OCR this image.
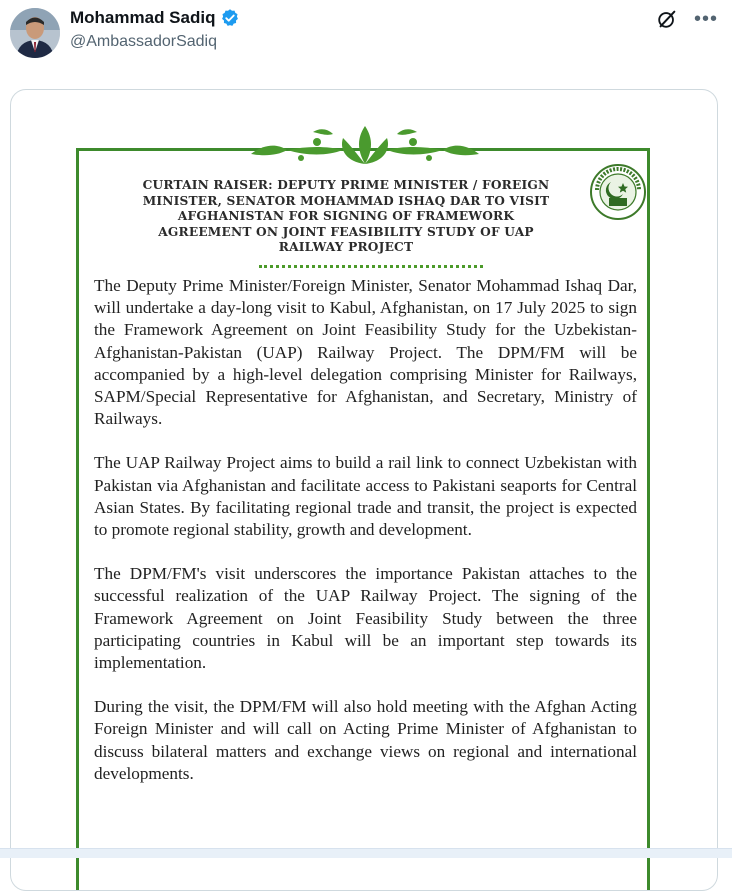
Mohammad Sadiq
@AmbassadorSadiq
•••
CURTAIN RAISER: DEPUTY PRIME MINISTER / FOREIGN MINISTER, SENATOR MOHAMMAD ISHAQ DAR TO VISIT AFGHANISTAN FOR SIGNING OF FRAMEWORK AGREEMENT ON JOINT FEASIBILITY STUDY OF UAP RAILWAY PROJECT

The Deputy Prime Minister/Foreign Minister, Senator Mohammad Ishaq Dar, will undertake a day-long visit to Kabul, Afghanistan, on 17 July 2025 to sign the Framework Agreement on Joint Feasibility Study for the Uzbekistan-Afghanistan-Pakistan (UAP) Railway Project. The DPM/FM will be accompanied by a high-level delegation comprising Minister for Railways, SAPM/Special Representative for Afghanistan, and Secretary, Ministry of Railways.

The UAP Railway Project aims to build a rail link to connect Uzbekistan with Pakistan via Afghanistan and facilitate access to Pakistani seaports for Central Asian States. By facilitating regional trade and transit, the project is expected to promote regional stability, growth and development.

The DPM/FM's visit underscores the importance Pakistan attaches to the successful realization of the UAP Railway Project. The signing of the Framework Agreement on Joint Feasibility Study between the three participating countries in Kabul will be an important step towards its implementation.

During the visit, the DPM/FM will also hold meeting with the Afghan Acting Foreign Minister and will call on Acting Prime Minister of Afghanistan to discuss bilateral matters and exchange views on regional and international developments.
